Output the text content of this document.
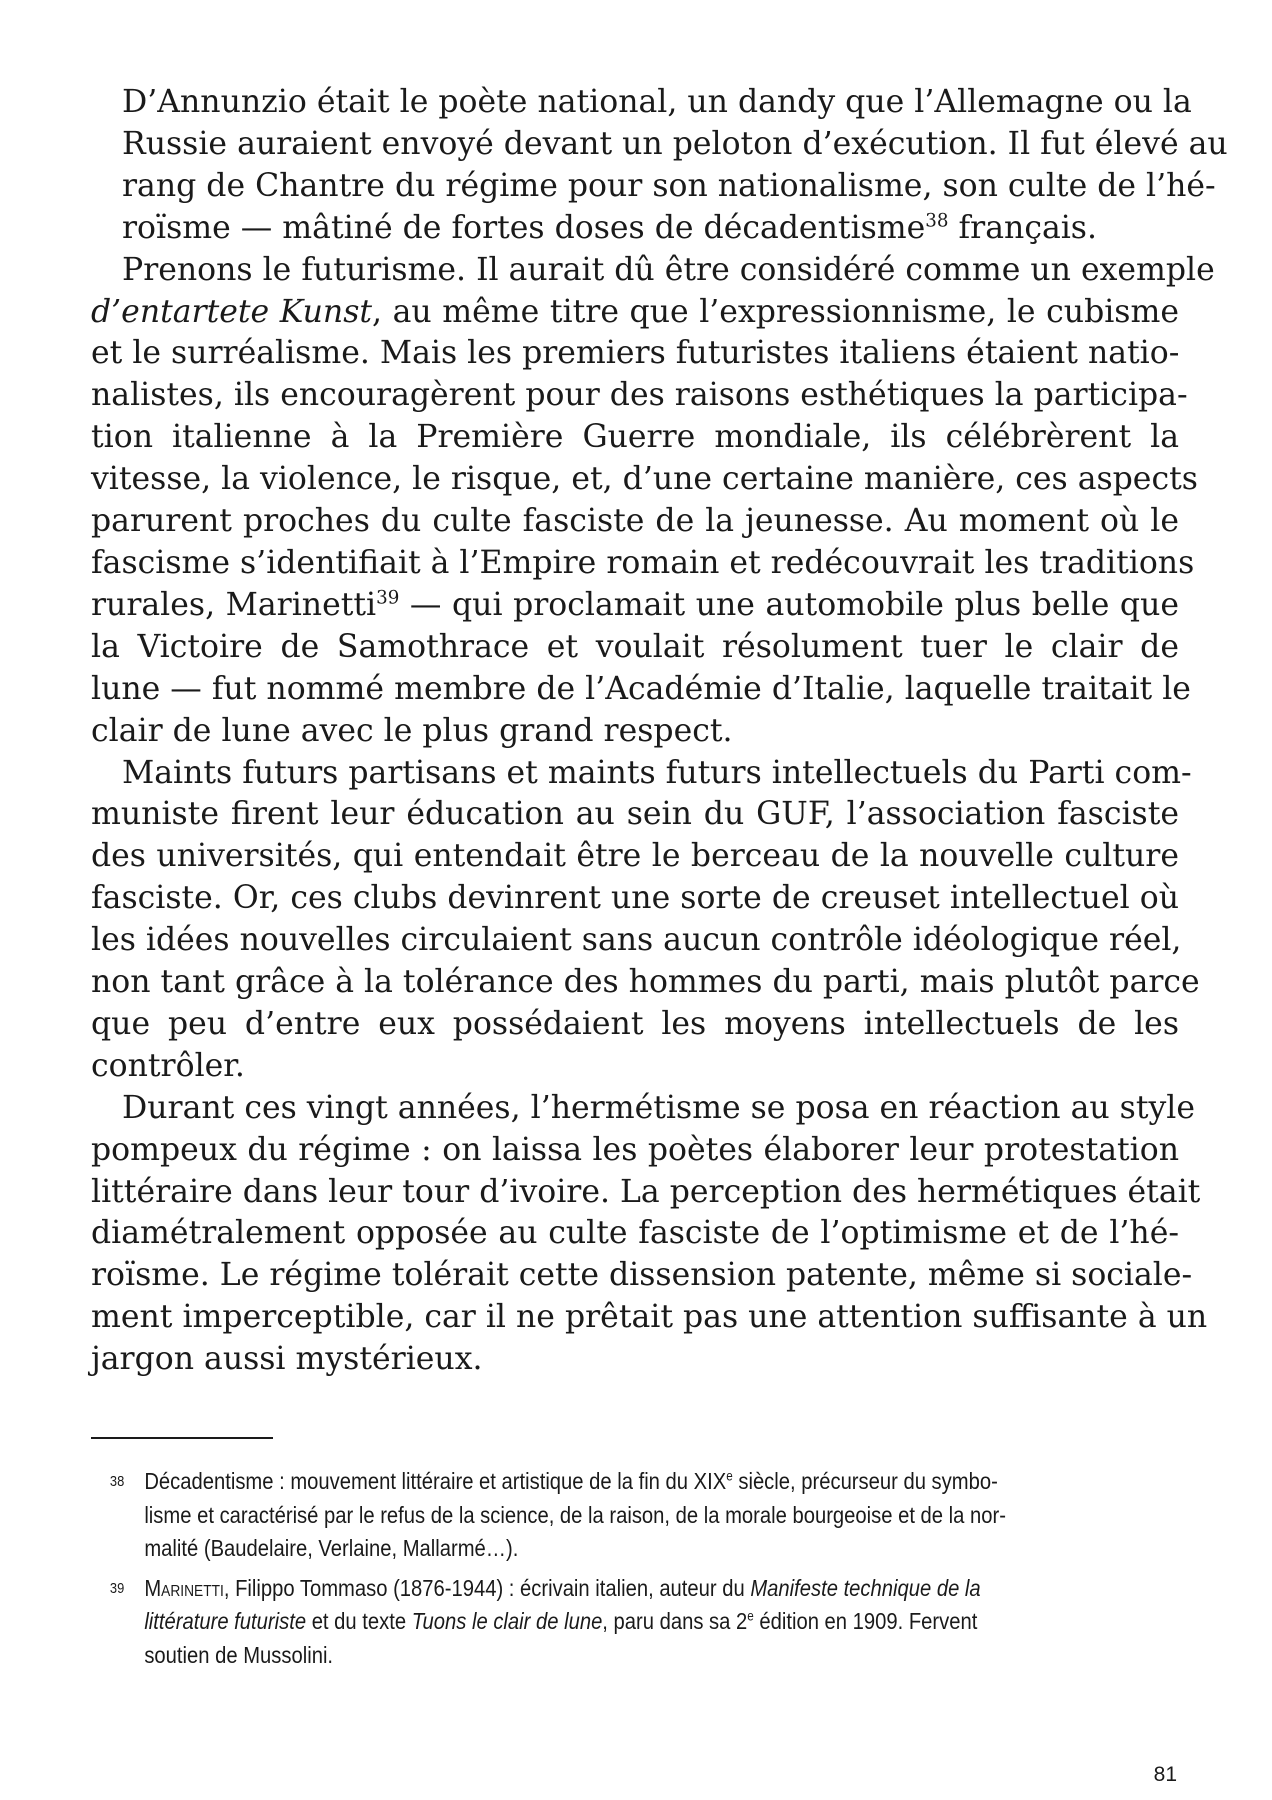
D’Annunzio était le poète national, un dandy que l’Allemagne ou la
Russie auraient envoyé devant un peloton d’exécution. Il fut élevé au
rang de Chantre du régime pour son nationalisme, son culte de l’hé-
roïsme — mâtiné de fortes doses de décadentisme$^{38}$ français.

Prenons le futurisme. Il aurait dû être considéré comme un exemple
d’entartete Kunst, au même titre que l’expressionnisme, le cubisme
et le surréalisme. Mais les premiers futuristes italiens étaient natio-
nalistes, ils encouragèrent pour des raisons esthétiques la participa-
tion italienne à la Première Guerre mondiale, ils célébrèrent la
vitesse, la violence, le risque, et, d’une certaine manière, ces aspects
parurent proches du culte fasciste de la jeunesse. Au moment où le
fascisme s’identifiait à l’Empire romain et redécouvrait les traditions
rurales, Marinetti$^{39}$ — qui proclamait une automobile plus belle que
la Victoire de Samothrace et voulait résolument tuer le clair de
lune — fut nommé membre de l’Académie d’Italie, laquelle traitait le
clair de lune avec le plus grand respect.

Maints futurs partisans et maints futurs intellectuels du Parti com-
muniste firent leur éducation au sein du GUF, l’association fasciste
des universités, qui entendait être le berceau de la nouvelle culture
fasciste. Or, ces clubs devinrent une sorte de creuset intellectuel où
les idées nouvelles circulaient sans aucun contrôle idéologique réel,
non tant grâce à la tolérance des hommes du parti, mais plutôt parce
que peu d’entre eux possédaient les moyens intellectuels de les
contrôler.

Durant ces vingt années, l’hermétisme se posa en réaction au style
pompeux du régime : on laissa les poètes élaborer leur protestation
littéraire dans leur tour d’ivoire. La perception des hermétiques était
diamétralement opposée au culte fasciste de l’optimisme et de l’hé-
roïsme. Le régime tolérait cette dissension patente, même si sociale-
ment imperceptible, car il ne prêtait pas une attention suffisante à un
jargon aussi mystérieux.

38 Décadentisme : mouvement littéraire et artistique de la fin du XIXe siècle, précurseur du symbo-
lisme et caractérisé par le refus de la science, de la raison, de la morale bourgeoise et de la nor-
malité (Baudelaire, Verlaine, Mallarmé…).
39 Marinetti, Filippo Tommaso (1876-1944) : écrivain italien, auteur du Manifeste technique de la
littérature futuriste et du texte Tuons le clair de lune, paru dans sa 2e édition en 1909. Fervent
soutien de Mussolini.
81
